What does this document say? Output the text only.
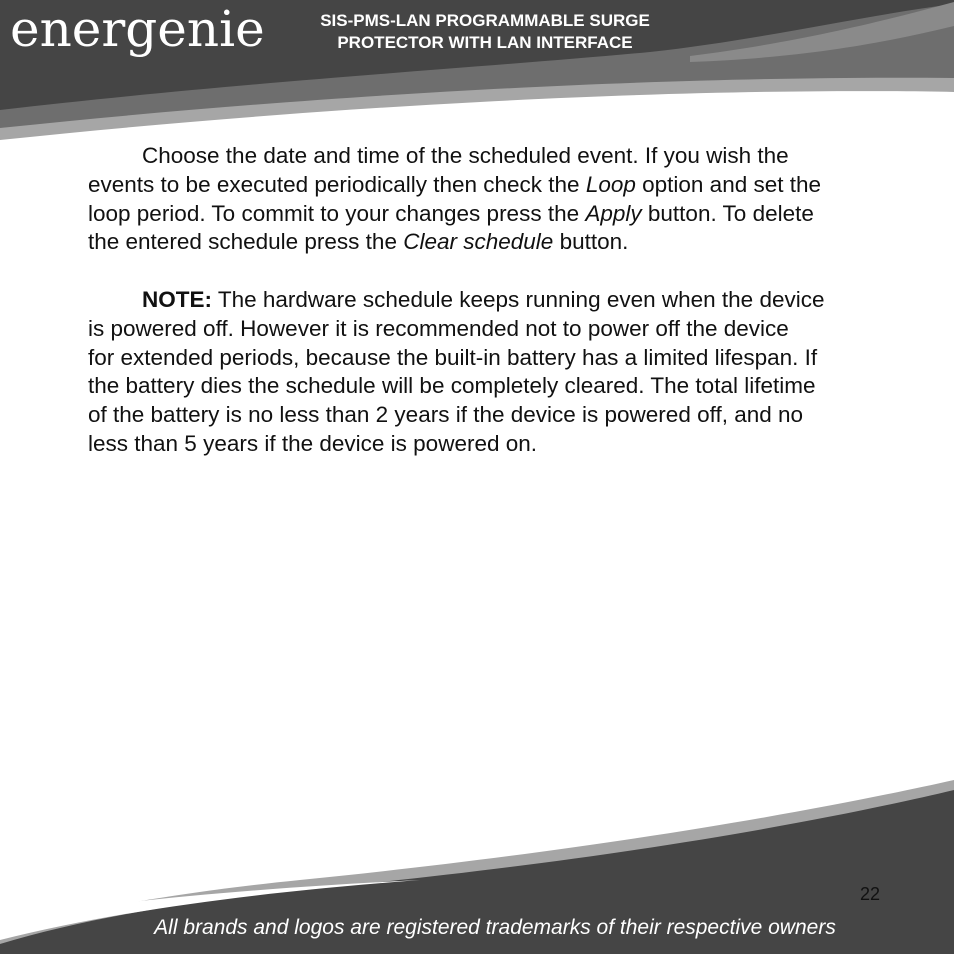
energenie	SIS-PMS-LAN PROGRAMMABLE SURGE
PROTECTOR WITH LAN INTERFACE
Choose the date and time of the scheduled event. If you wish the
events to be executed periodically then check the Loop option and set the
loop period. To commit to your changes press the Apply button. To delete
the entered schedule press the Clear schedule button.
NOTE: The hardware schedule keeps running even when the device
is powered off. However it is recommended not to power off the device
for extended periods, because the built-in battery has a limited lifespan. If
the battery dies the schedule will be completely cleared. The total lifetime
of the battery is no less than 2 years if the device is powered off, and no
less than 5 years if the device is powered on.
22
All brands and logos are registered trademarks of their respective owners
